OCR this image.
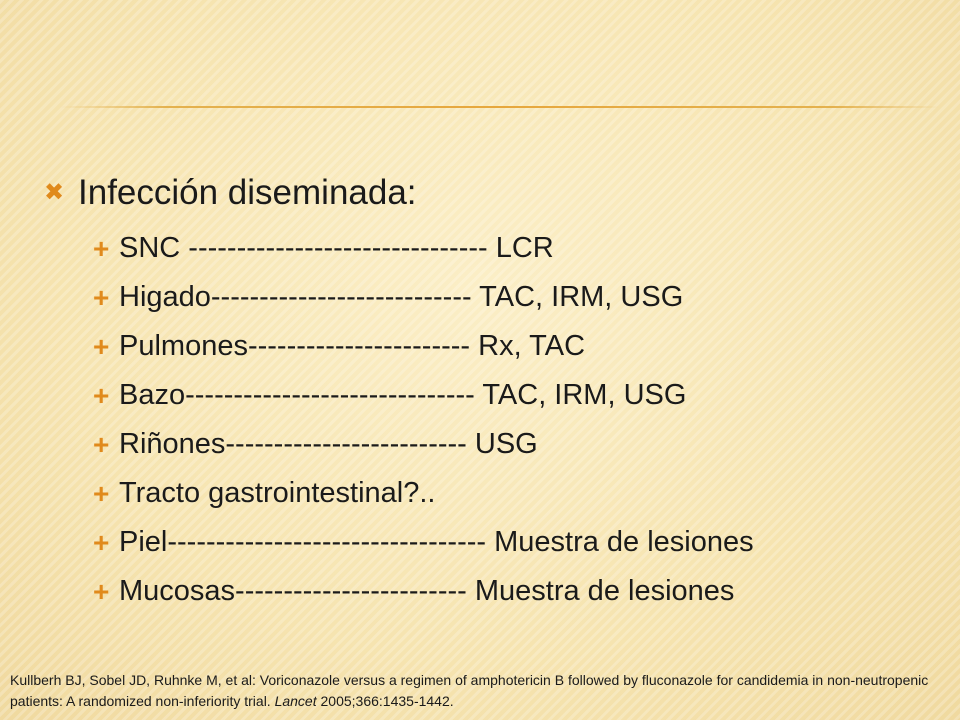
✖ Infección diseminada:
+ SNC ------------------------------- LCR
+ Higado--------------------------- TAC, IRM, USG
+ Pulmones----------------------- Rx, TAC
+ Bazo------------------------------ TAC, IRM, USG
+ Riñones------------------------- USG
+ Tracto gastrointestinal?..
+ Piel--------------------------------- Muestra de lesiones
+ Mucosas------------------------ Muestra de lesiones
Kullberh BJ, Sobel JD, Ruhnke M, et al: Voriconazole versus a regimen of amphotericin B followed by fluconazole for candidemia in non-neutropenic patients: A randomized non-inferiority trial. Lancet 2005;366:1435-1442.
